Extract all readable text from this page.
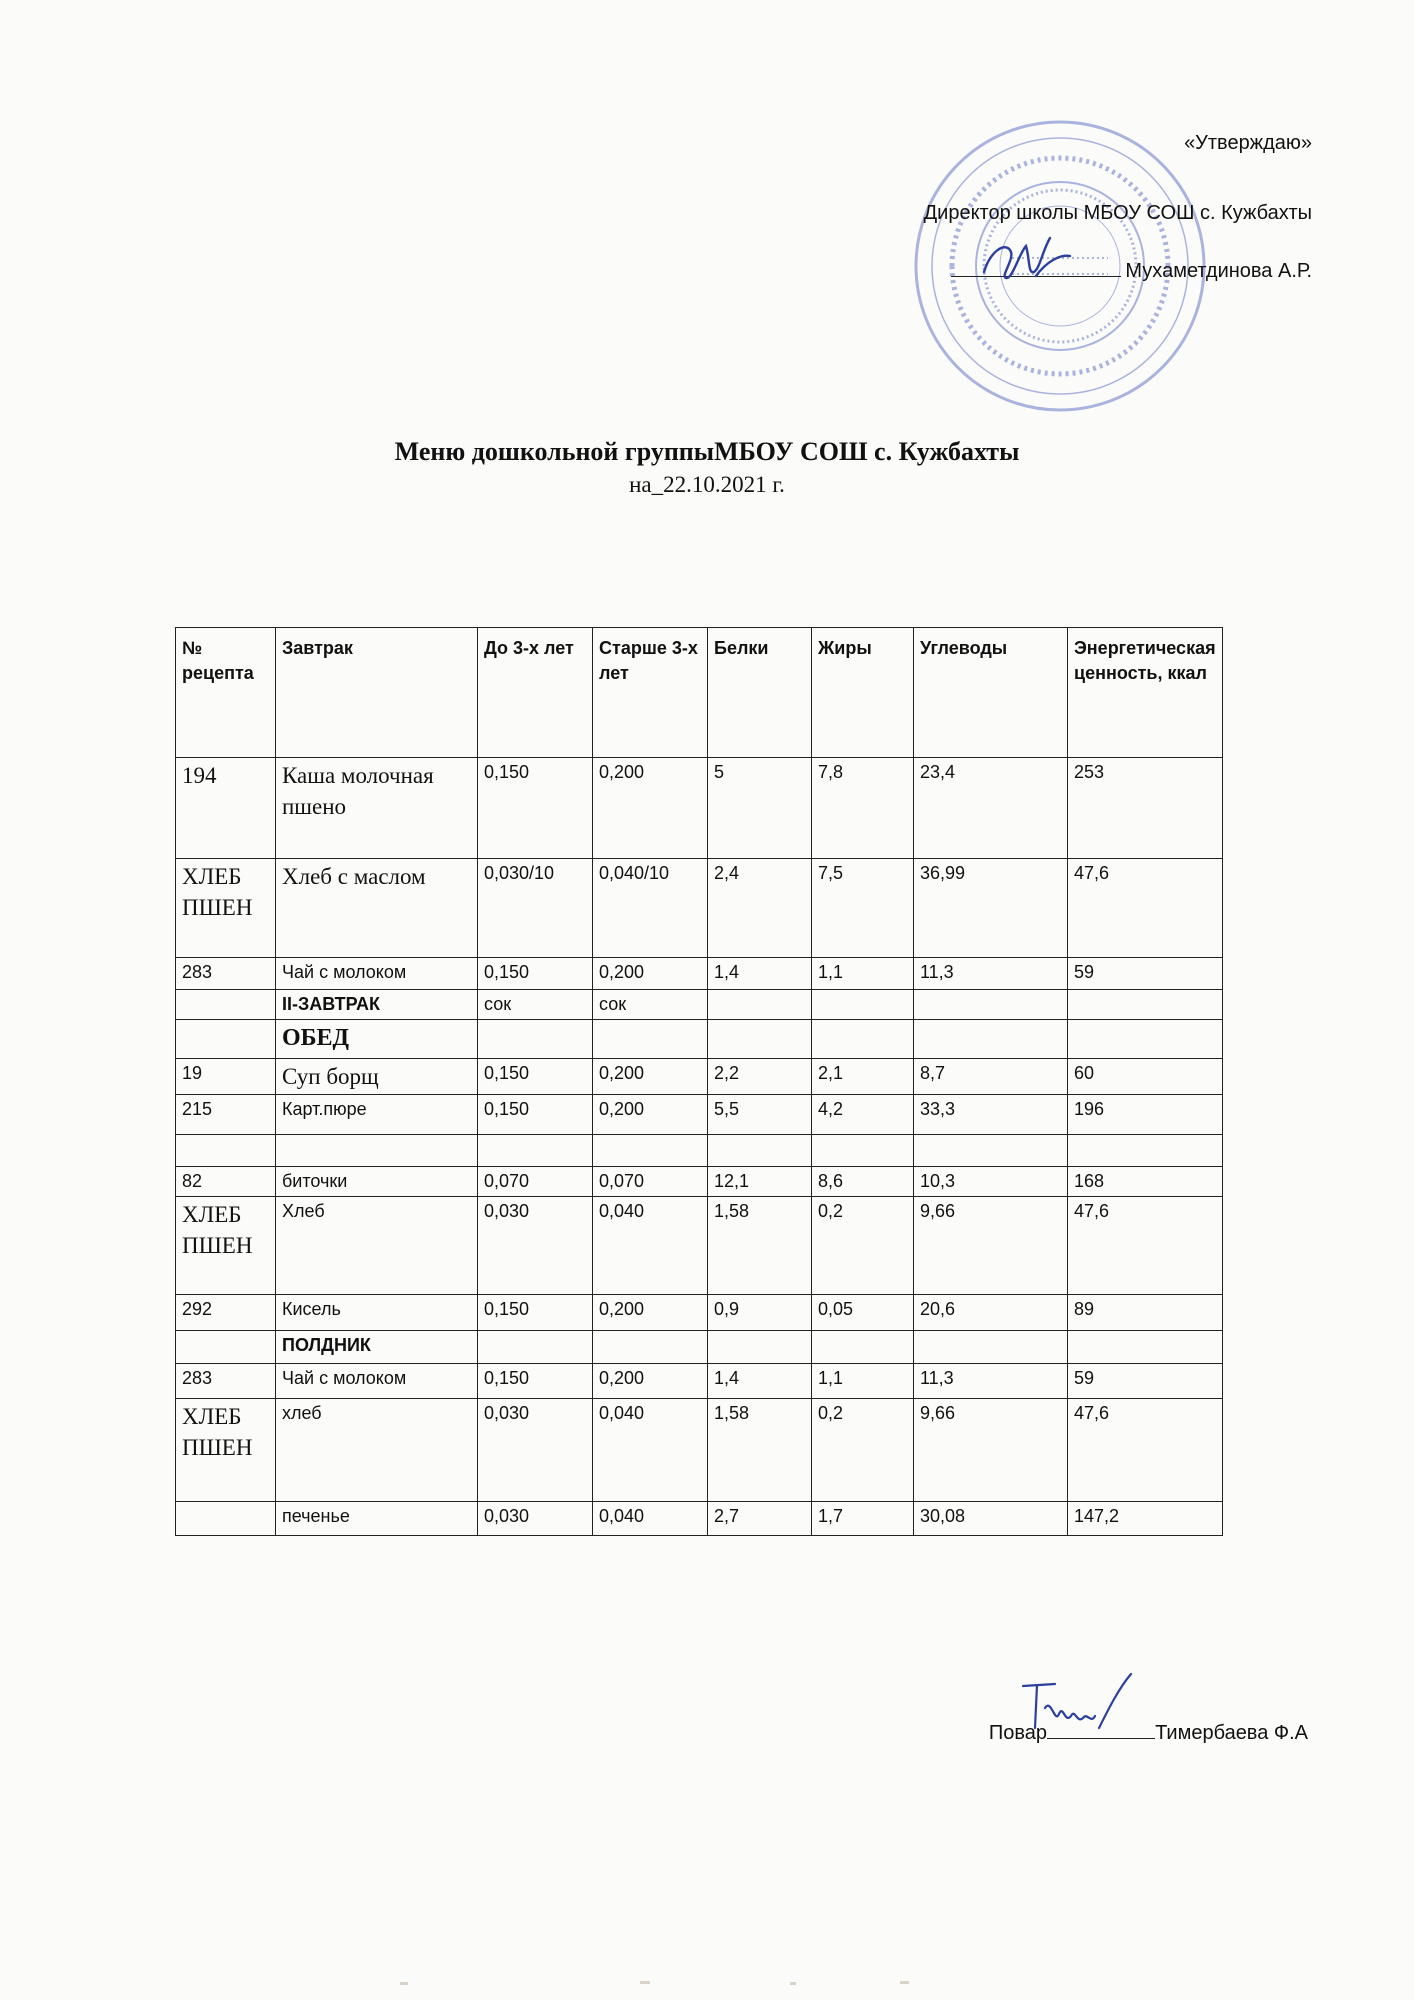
«Утверждаю»
Директор школы МБОУ СОШ с. Кужбахты
Мухаметдинова А.Р.
Меню дошкольной группыМБОУ СОШ с. Кужбахты
на_22.10.2021 г.
№ рецепта	Завтрак	До 3-х лет	Старше 3-х лет	Белки	Жиры	Углеводы	Энергетическая ценность, ккал
194	Каша молочная пшено	0,150	0,200	5	7,8	23,4	253
ХЛЕБ ПШЕН	Хлеб с маслом	0,030/10	0,040/10	2,4	7,5	36,99	47,6
283	Чай с молоком	0,150	0,200	1,4	1,1	11,3	59
	II-ЗАВТРАК	сок	сок				
	ОБЕД						
19	Суп борщ	0,150	0,200	2,2	2,1	8,7	60
215	Карт.пюре	0,150	0,200	5,5	4,2	33,3	196

82	биточки	0,070	0,070	12,1	8,6	10,3	168
ХЛЕБ ПШЕН	Хлеб	0,030	0,040	1,58	0,2	9,66	47,6
292	Кисель	0,150	0,200	0,9	0,05	20,6	89
	ПОЛДНИК						
283	Чай с молоком	0,150	0,200	1,4	1,1	11,3	59
ХЛЕБ ПШЕН	хлеб	0,030	0,040	1,58	0,2	9,66	47,6
	печенье	0,030	0,040	2,7	1,7	30,08	147,2
Повар	Тимербаева Ф.А
